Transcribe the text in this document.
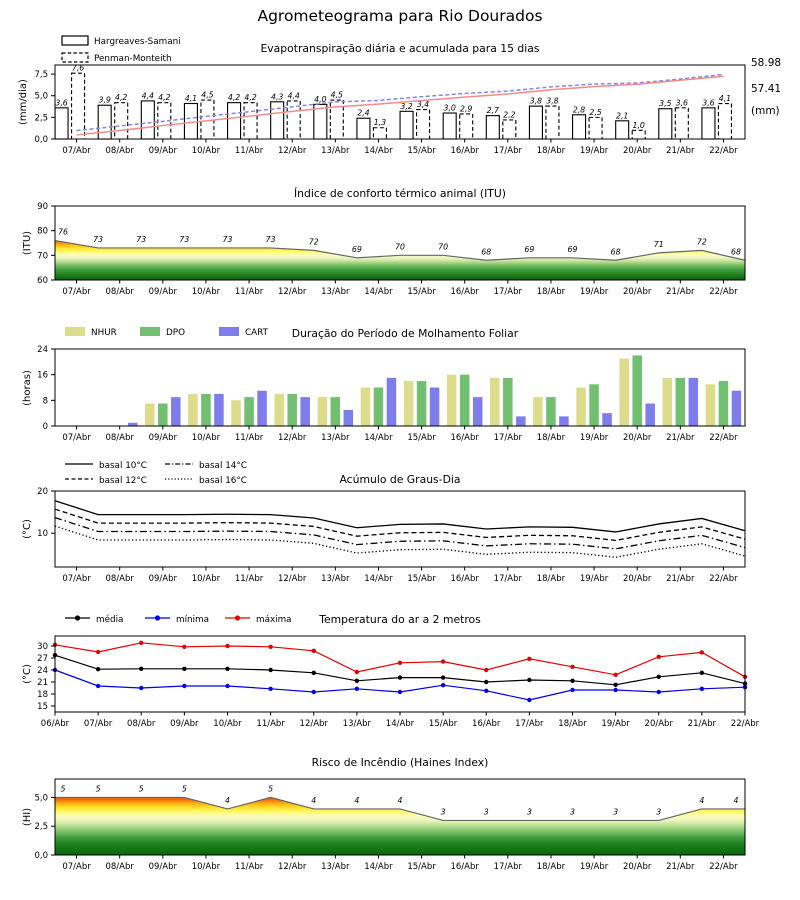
Agrometeograma para Rio Dourados
Evapotranspiração diária e acumulada para 15 dias
(mm/dia)
Hargreaves-Samani
Penman-Monteith	58.98
57.41
(mm)
3,6	3,9	4,4	4,1	4,2	4,3	4,0
2,4
3,2	3,0	2,7
3,8
2,8
2,1
3,5	3,6
7,6
4,2	4,2	4,5	4,2	4,4	4,5
1,3
3,4	2,9
2,2
3,8
2,5
1,0
3,6	4,1
0,0
2,5
5,0
7,5
07/Abr 08/Abr 09/Abr 10/Abr 11/Abr 12/Abr 13/Abr 14/Abr 15/Abr 16/Abr 17/Abr 18/Abr 19/Abr 20/Abr 21/Abr 22/Abr
Índice de conforto térmico animal (ITU)
(ITU)	76
73	73	73	73	73	72
69	70	70
68	69	69	68
71	72
68
60
70
80
90
07/Abr 08/Abr 09/Abr 10/Abr 11/Abr 12/Abr 13/Abr 14/Abr 15/Abr 16/Abr 17/Abr 18/Abr 19/Abr 20/Abr 21/Abr 22/Abr
NHUR	DPO	CART Duração do Período de Molhamento Foliar
(horas)
0
8
16
24
07/Abr 08/Abr 09/Abr 10/Abr 11/Abr 12/Abr 13/Abr 14/Abr 15/Abr 16/Abr 17/Abr 18/Abr 19/Abr 20/Abr 21/Abr 22/Abr
basal 10°C
basal 12°C
basal 14°C
basal 16°C	Acúmulo de Graus-Dia
(°C) 10
20
07/Abr 08/Abr 09/Abr 10/Abr 11/Abr 12/Abr 13/Abr 14/Abr 15/Abr 16/Abr 17/Abr 18/Abr 19/Abr 20/Abr 21/Abr 22/Abr
média	mínima	máxima	Temperatura do ar a 2 metros
(°C)
15
18
21
24
27
30
06/Abr 07/Abr 08/Abr 09/Abr 10/Abr 11/Abr 12/Abr 13/Abr 14/Abr 15/Abr 16/Abr 17/Abr 18/Abr 19/Abr 20/Abr 21/Abr 22/Abr
Risco de Incêndio (Haines Index)
(HI)
5	5	5	5
4
5
4	4	4
3	3	3	3	3	3
4	4
0,0
2,5
5,0
07/Abr 08/Abr 09/Abr 10/Abr 11/Abr 12/Abr 13/Abr 14/Abr 15/Abr 16/Abr 17/Abr 18/Abr 19/Abr 20/Abr 21/Abr 22/Abr
